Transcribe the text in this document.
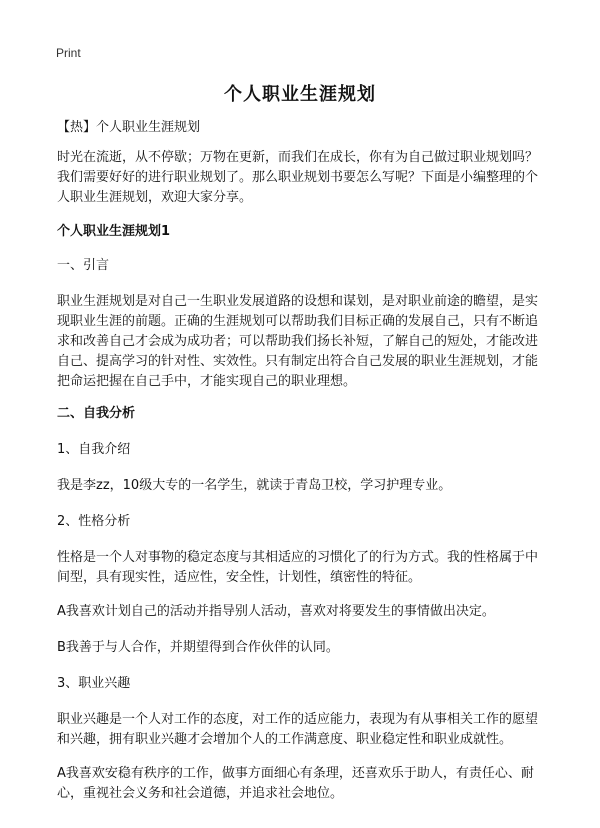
Print
个人职业生涯规划

【热】个人职业生涯规划

时光在流逝，从不停歇；万物在更新，而我们在成长，你有为自己做过职业规划吗？我们需要好好的进行职业规划了。那么职业规划书要怎么写呢？下面是小编整理的个人职业生涯规划，欢迎大家分享。

个人职业生涯规划1

一、引言

职业生涯规划是对自己一生职业发展道路的设想和谋划，是对职业前途的瞻望，是实现职业生涯的前题。正确的生涯规划可以帮助我们目标正确的发展自己，只有不断追求和改善自己才会成为成功者；可以帮助我们扬长补短，了解自己的短处，才能改进自己、提高学习的针对性、实效性。只有制定出符合自己发展的职业生涯规划，才能把命运把握在自己手中，才能实现自己的职业理想。

二、自我分析

1、自我介绍

我是李zz，10级大专的一名学生，就读于青岛卫校，学习护理专业。

2、性格分析

性格是一个人对事物的稳定态度与其相适应的习惯化了的行为方式。我的性格属于中间型，具有现实性，适应性，安全性，计划性，缜密性的特征。

A我喜欢计划自己的活动并指导别人活动，喜欢对将要发生的事情做出决定。

B我善于与人合作，并期望得到合作伙伴的认同。

3、职业兴趣

职业兴趣是一个人对工作的态度，对工作的适应能力，表现为有从事相关工作的愿望和兴趣，拥有职业兴趣才会增加个人的工作满意度、职业稳定性和职业成就性。

A我喜欢安稳有秩序的工作，做事方面细心有条理，还喜欢乐于助人，有责任心、耐心，重视社会义务和社会道德，并追求社会地位。
